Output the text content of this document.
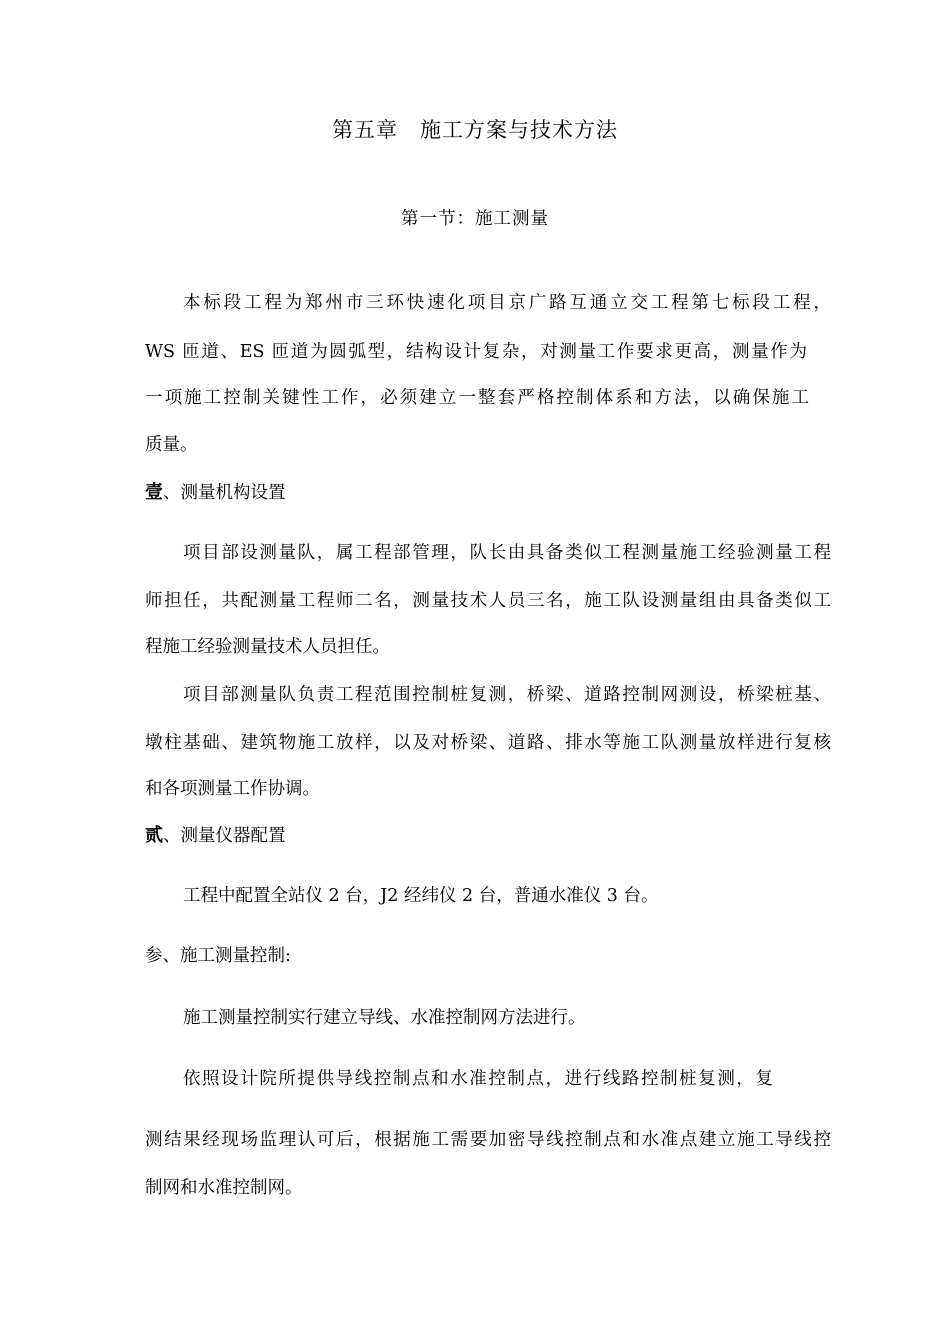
第五章　施工方案与技术方法
第一节：施工测量
本标段工程为郑州市三环快速化项目京广路互通立交工程第七标段工程，
WS 匝道、ES 匝道为圆弧型，结构设计复杂，对测量工作要求更高，测量作为
一项施工控制关键性工作，必须建立一整套严格控制体系和方法，以确保施工
质量。
壹、测量机构设置
项目部设测量队，属工程部管理，队长由具备类似工程测量施工经验测量工程
师担任，共配测量工程师二名，测量技术人员三名，施工队设测量组由具备类似工
程施工经验测量技术人员担任。
项目部测量队负责工程范围控制桩复测，桥梁、道路控制网测设，桥梁桩基、
墩柱基础、建筑物施工放样，以及对桥梁、道路、排水等施工队测量放样进行复核
和各项测量工作协调。
贰、测量仪器配置
工程中配置全站仪 2 台，J2 经纬仪 2 台，普通水准仪 3 台。
参、施工测量控制:
施工测量控制实行建立导线、水准控制网方法进行。
依照设计院所提供导线控制点和水准控制点，进行线路控制桩复测，复
测结果经现场监理认可后，根据施工需要加密导线控制点和水准点建立施工导线控
制网和水准控制网。
